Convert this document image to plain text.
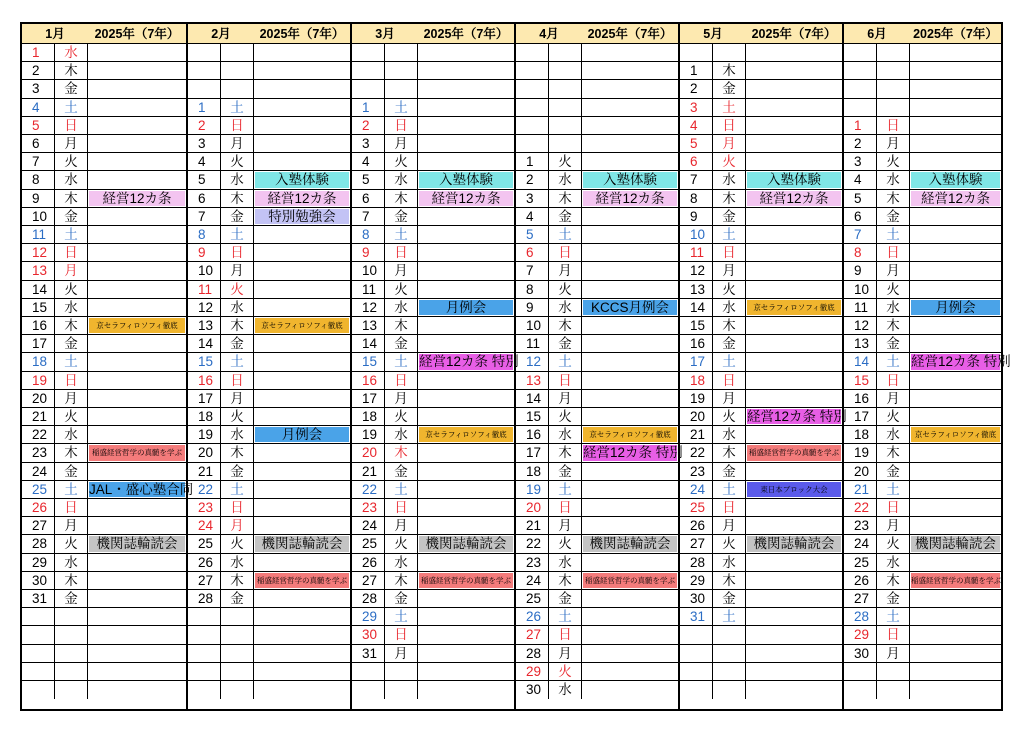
1月	2025年（7年）
1	水
2	木
3	金
4	土
5	日
6	月
7	火
8	水
9	木	経営12カ条
10	金
11	土
12	日
13	月
14	火
15	水
16	木	京セラフィロソフィ徹底
17	金
18	土
19	日
20	月
21	火
22	水
23	木	稲盛経営哲学の真髄を学ぶ
24	金
25	土 JAL・盛心塾合同
26	日
27	月
28	火	機関誌輪読会
29	水
30	木
31	金
2月	2025年（7年）
1	土
2	日
3	月
4	火
5	水	入塾体験
6	木	経営12カ条
7	金	特別勉強会
8	土
9	日
10	月
11	火
12	水
13	木	京セラフィロソフィ徹底
14	金
15	土
16	日
17	月
18	火
19	水	月例会
20	木
21	金
22	土
23	日
24	月
25	火	機関誌輪読会
26	水
27	木	稲盛経営哲学の真髄を学ぶ
28	金
3月	2025年（7年）
1	土
2	日
3	月
4	火
5	水	入塾体験
6	木	経営12カ条
7	金
8	土
9	日
10	月
11	火
12	水	月例会
13	木
14	金
15	土 経営12カ条 特別
16	日
17	月
18	火
19	水	京セラフィロソフィ徹底
20	木
21	金
22	土
23	日
24	月
25	火	機関誌輪読会
26	水
27	木	稲盛経営哲学の真髄を学ぶ
28	金
29	土
30	日
31	月
4月	2025年（7年）
1	火
2	水	入塾体験
3	木	経営12カ条
4	金
5	土
6	日
7	月
8	火
9	水	KCCS月例会
10	木
11	金
12	土
13	日
14	月
15	火
16	水	京セラフィロソフィ徹底
17	木 経営12カ条 特別
18	金
19	土
20	日
21	月
22	火	機関誌輪読会
23	水
24	木	稲盛経営哲学の真髄を学ぶ
25	金
26	土
27	日
28	月
29	火
30	水
5月	2025年（7年）
1	木
2	金
3	土
4	日
5	月
6	火
7	水	入塾体験
8	木	経営12カ条
9	金
10	土
11	日
12	月
13	火
14	水	京セラフィロソフィ徹底
15	木
16	金
17	土
18	日
19	月
20	火 経営12カ条 特別
21	水
22	木	稲盛経営哲学の真髄を学ぶ
23	金
24	土	東日本ブロック大会
25	日
26	月
27	火	機関誌輪読会
28	水
29	木
30	金
31	土
6月	2025年（7年）
1	日
2	月
3	火
4	水	入塾体験
5	木	経営12カ条
6	金
7	土
8	日
9	月
10	火
11	水	月例会
12	木
13	金
14	土 経営12カ条 特別
15	日
16	月
17	火
18	水	京セラフィロソフィ徹底
19	木
20	金
21	土
22	日
23	月
24	火	機関誌輪読会
25	水
26	木	稲盛経営哲学の真髄を学ぶ
27	金
28	土
29	日
30	月
